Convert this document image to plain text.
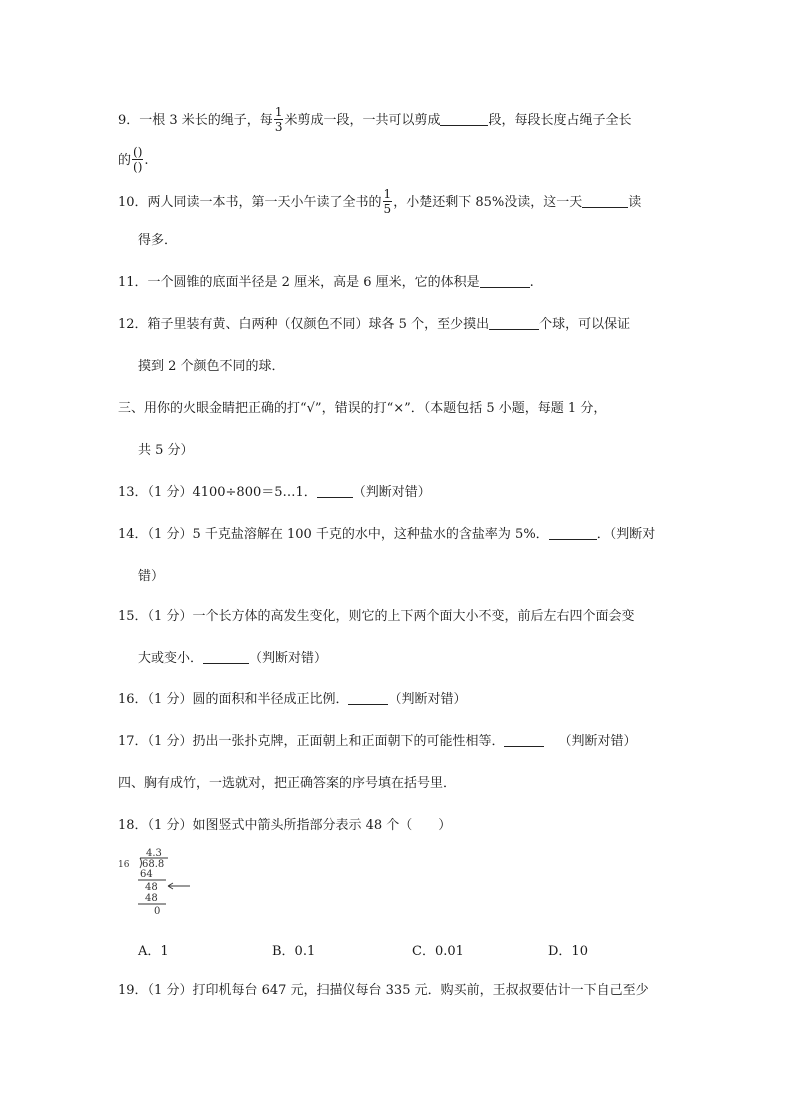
9．一根 3 米长的绳子，每 $\frac{1}{3}$ 米剪成一段，一共可以剪成	段，每段长度占绳子全长
的 $\frac{()}{()}$ .
10．两人同读一本书，第一天小午读了全书的 $\frac{1}{5}$ ，小楚还剩下 85%没读，这一天	读
得多．
11．一个圆锥的底面半径是 2 厘米，高是 6 厘米，它的体积是	.
12．箱子里装有黄、白两种（仅颜色不同）球各 5 个，至少摸出	个球，可以保证
摸到 2 个颜色不同的球．
三、用你的火眼金睛把正确的打“√”，错误的打“×”．（本题包括 5 小题，每题 1 分，
共 5 分）
13．（1 分）4100÷800＝5…1．	（判断对错）
14．（1 分）5 千克盐溶解在 100 千克的水中，这种盐水的含盐率为 5%．	．（判断对
错）
15．（1 分）一个长方体的高发生变化，则它的上下两个面大小不变，前后左右四个面会变
大或变小．	（判断对错）
16．（1 分）圆的面积和半径成正比例．	（判断对错）
17．（1 分）扔出一张扑克牌，正面朝上和正面朝下的可能性相等．	（判断对错）
四、胸有成竹，一选就对，把正确答案的序号填在括号里．
18．（1 分）如图竖式中箭头所指部分表示 48 个（　　）
4.3
16 68.8
64
48
48
0
A．1	B．0.1	C．0.01	D．10
19．（1 分）打印机每台 647 元，扫描仪每台 335 元．购买前，王叔叔要估计一下自己至少
